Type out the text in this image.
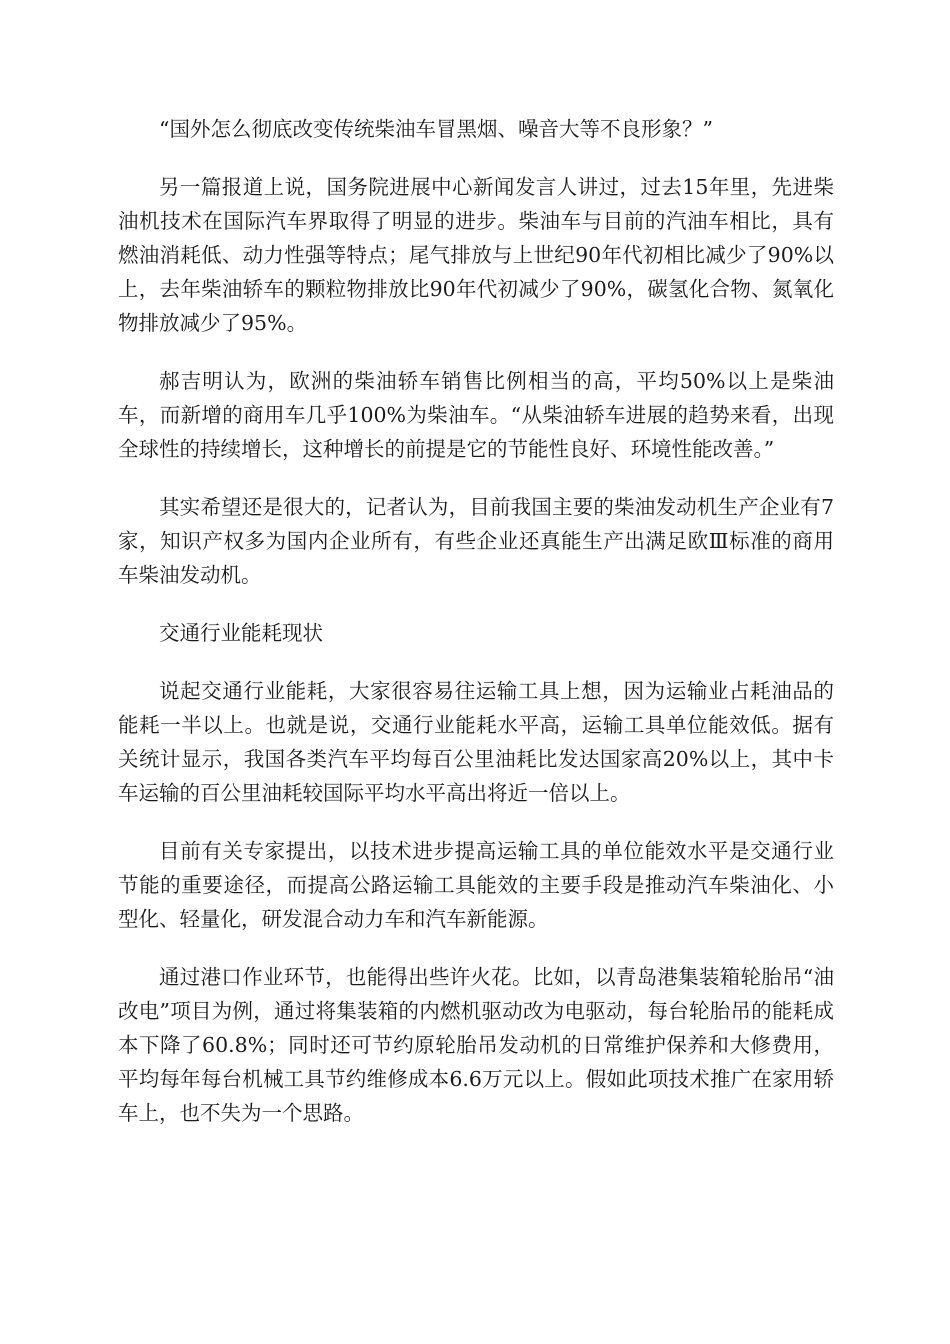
“国外怎么彻底改变传统柴油车冒黑烟、噪音大等不良形象？”

另一篇报道上说，国务院进展中心新闻发言人讲过，过去15年里，先进柴油机技术在国际汽车界取得了明显的进步。柴油车与目前的汽油车相比，具有燃油消耗低、动力性强等特点；尾气排放与上世纪90年代初相比减少了90%以上，去年柴油轿车的颗粒物排放比90年代初减少了90%，碳氢化合物、氮氧化物排放减少了95%。

郝吉明认为，欧洲的柴油轿车销售比例相当的高，平均50%以上是柴油车，而新增的商用车几乎100%为柴油车。“从柴油轿车进展的趋势来看，出现全球性的持续增长，这种增长的前提是它的节能性良好、环境性能改善。”

其实希望还是很大的，记者认为，目前我国主要的柴油发动机生产企业有7家，知识产权多为国内企业所有，有些企业还真能生产出满足欧Ⅲ标准的商用车柴油发动机。

交通行业能耗现状

说起交通行业能耗，大家很容易往运输工具上想，因为运输业占耗油品的能耗一半以上。也就是说，交通行业能耗水平高，运输工具单位能效低。据有关统计显示，我国各类汽车平均每百公里油耗比发达国家高20%以上，其中卡车运输的百公里油耗较国际平均水平高出将近一倍以上。

目前有关专家提出，以技术进步提高运输工具的单位能效水平是交通行业节能的重要途径，而提高公路运输工具能效的主要手段是推动汽车柴油化、小型化、轻量化，研发混合动力车和汽车新能源。

通过港口作业环节，也能得出些许火花。比如，以青岛港集装箱轮胎吊“油改电”项目为例，通过将集装箱的内燃机驱动改为电驱动，每台轮胎吊的能耗成本下降了60.8%；同时还可节约原轮胎吊发动机的日常维护保养和大修费用，平均每年每台机械工具节约维修成本6.6万元以上。假如此项技术推广在家用轿车上，也不失为一个思路。
